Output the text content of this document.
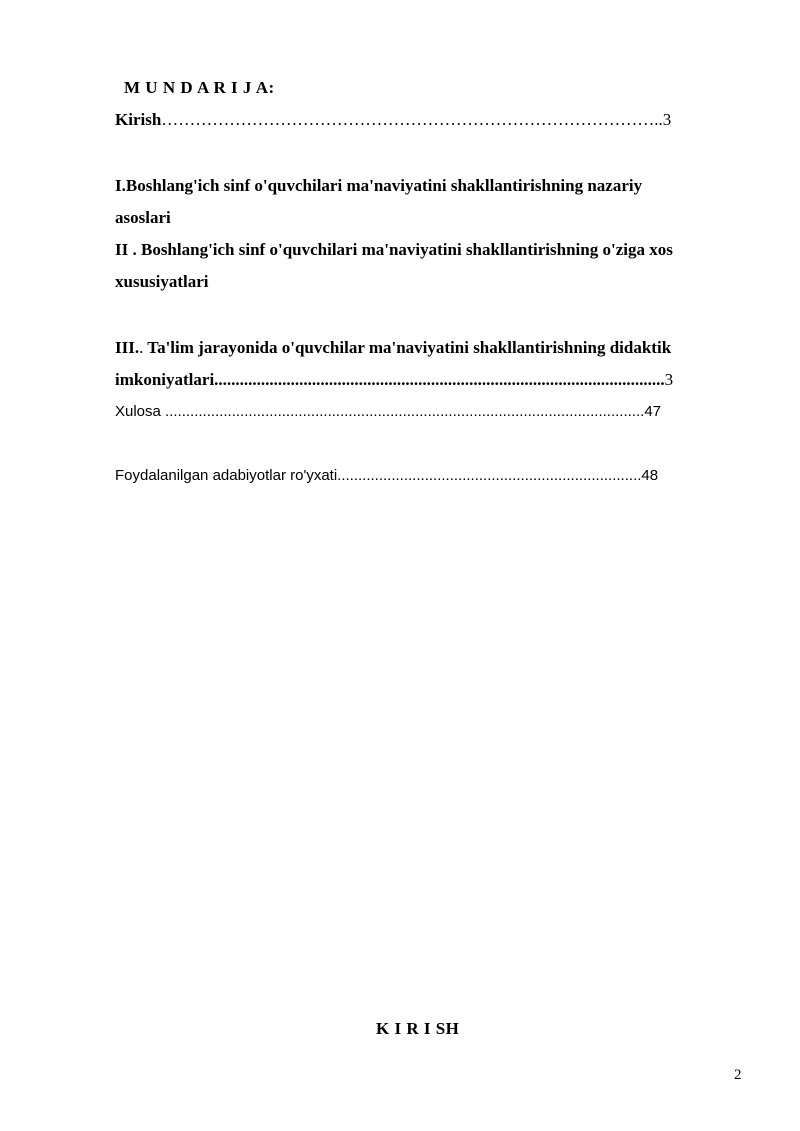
M U N D A R I J A:
Kirish……………………………………………………………………………..3
I.Boshlang'ich sinf o'quvchilari ma'naviyatini shakllantirishning nazariy
asoslari
II . Boshlang'ich sinf o'quvchilari ma'naviyatini shakllantirishning o'ziga xos
xususiyatlari
III.. Ta'lim jarayonida o'quvchilar ma'naviyatini shakllantirishning didaktik
imkoniyatlari..........................................................................................................3
Xulosa ...................................................................................................................47
Foydalanilgan adabiyotlar ro'yxati.........................................................................48
K I R I SH
2
